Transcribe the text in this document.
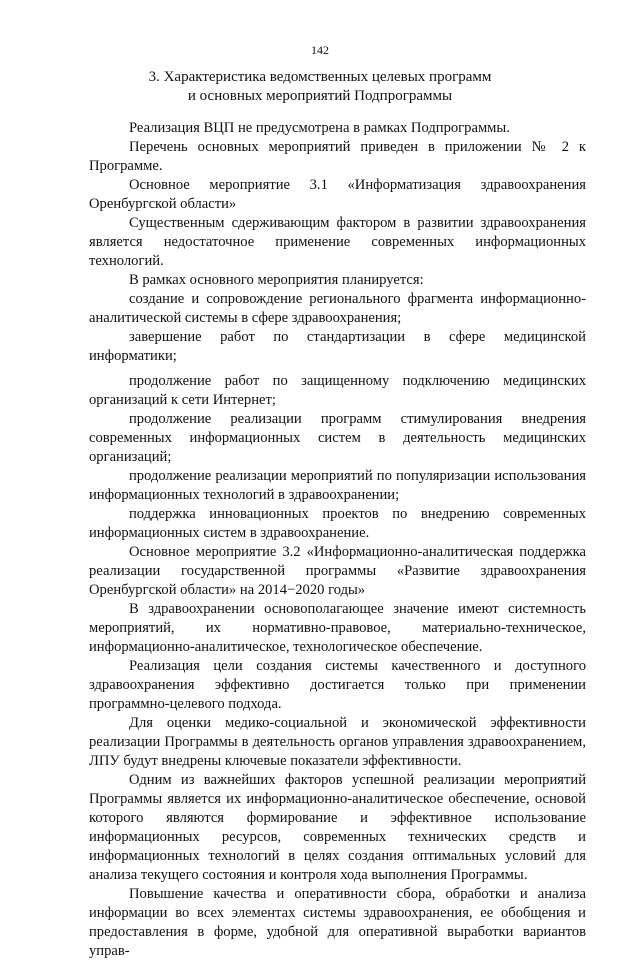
142
3. Характеристика ведомственных целевых программ
и основных мероприятий Подпрограммы

Реализация ВЦП не предусмотрена в рамках Подпрограммы.

Перечень основных мероприятий приведен в приложении № 2 к Программе.

Основное мероприятие 3.1 «Информатизация здравоохранения Оренбургской области»

Существенным сдерживающим фактором в развитии здравоохранения является недостаточное применение современных информационных технологий.

В рамках основного мероприятия планируется:

создание и сопровождение регионального фрагмента информационно-аналитической системы в сфере здравоохранения;

завершение работ по стандартизации в сфере медицинской информатики;

продолжение работ по защищенному подключению медицинских организаций к сети Интернет;

продолжение реализации программ стимулирования внедрения современных информационных систем в деятельность медицинских организаций;

продолжение реализации мероприятий по популяризации использования информационных технологий в здравоохранении;

поддержка инновационных проектов по внедрению современных информационных систем в здравоохранение.

Основное мероприятие 3.2 «Информационно-аналитическая поддержка реализации государственной программы «Развитие здравоохранения Оренбургской области» на 2014−2020 годы»

В здравоохранении основополагающее значение имеют системность мероприятий, их нормативно-правовое, материально-техническое, информационно-аналитическое, технологическое обеспечение.

Реализация цели создания системы качественного и доступного здравоохранения эффективно достигается только при применении программно-целевого подхода.

Для оценки медико-социальной и экономической эффективности реализации Программы в деятельность органов управления здравоохранением, ЛПУ будут внедрены ключевые показатели эффективности.

Одним из важнейших факторов успешной реализации мероприятий Программы является их информационно-аналитическое обеспечение, основой которого являются формирование и эффективное использование информационных ресурсов, современных технических средств и информационных технологий в целях создания оптимальных условий для анализа текущего состояния и контроля хода выполнения Программы.

Повышение качества и оперативности сбора, обработки и анализа информации во всех элементах системы здравоохранения, ее обобщения и предоставления в форме, удобной для оперативной выработки вариантов управ-
